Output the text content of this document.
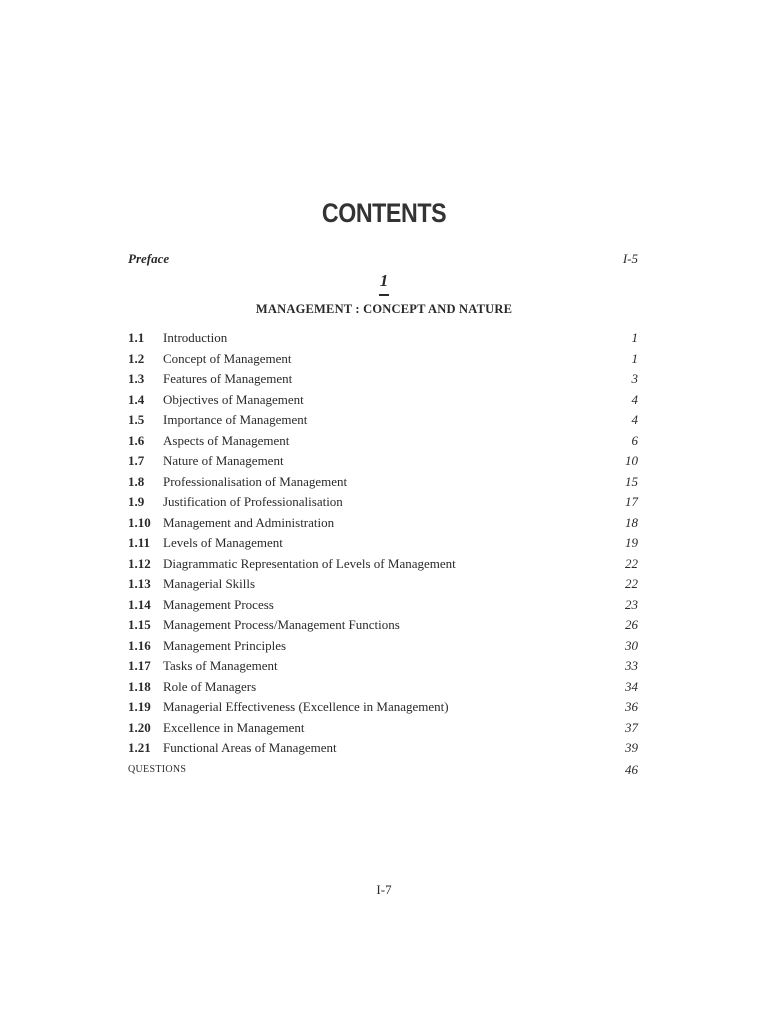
CONTENTS
Preface	I-5
1
MANAGEMENT : CONCEPT AND NATURE
1.1	Introduction	1
1.2	Concept of Management	1
1.3	Features of Management	3
1.4	Objectives of Management	4
1.5	Importance of Management	4
1.6	Aspects of Management	6
1.7	Nature of Management	10
1.8	Professionalisation of Management	15
1.9	Justification of Professionalisation	17
1.10 Management and Administration	18
1.11 Levels of Management	19
1.12 Diagrammatic Representation of Levels of Management	22
1.13 Managerial Skills	22
1.14 Management Process	23
1.15 Management Process/Management Functions	26
1.16 Management Principles	30
1.17 Tasks of Management	33
1.18 Role of Managers	34
1.19 Managerial Effectiveness (Excellence in Management)	36
1.20 Excellence in Management	37
1.21 Functional Areas of Management	39
QUESTIONS	46
I-7
